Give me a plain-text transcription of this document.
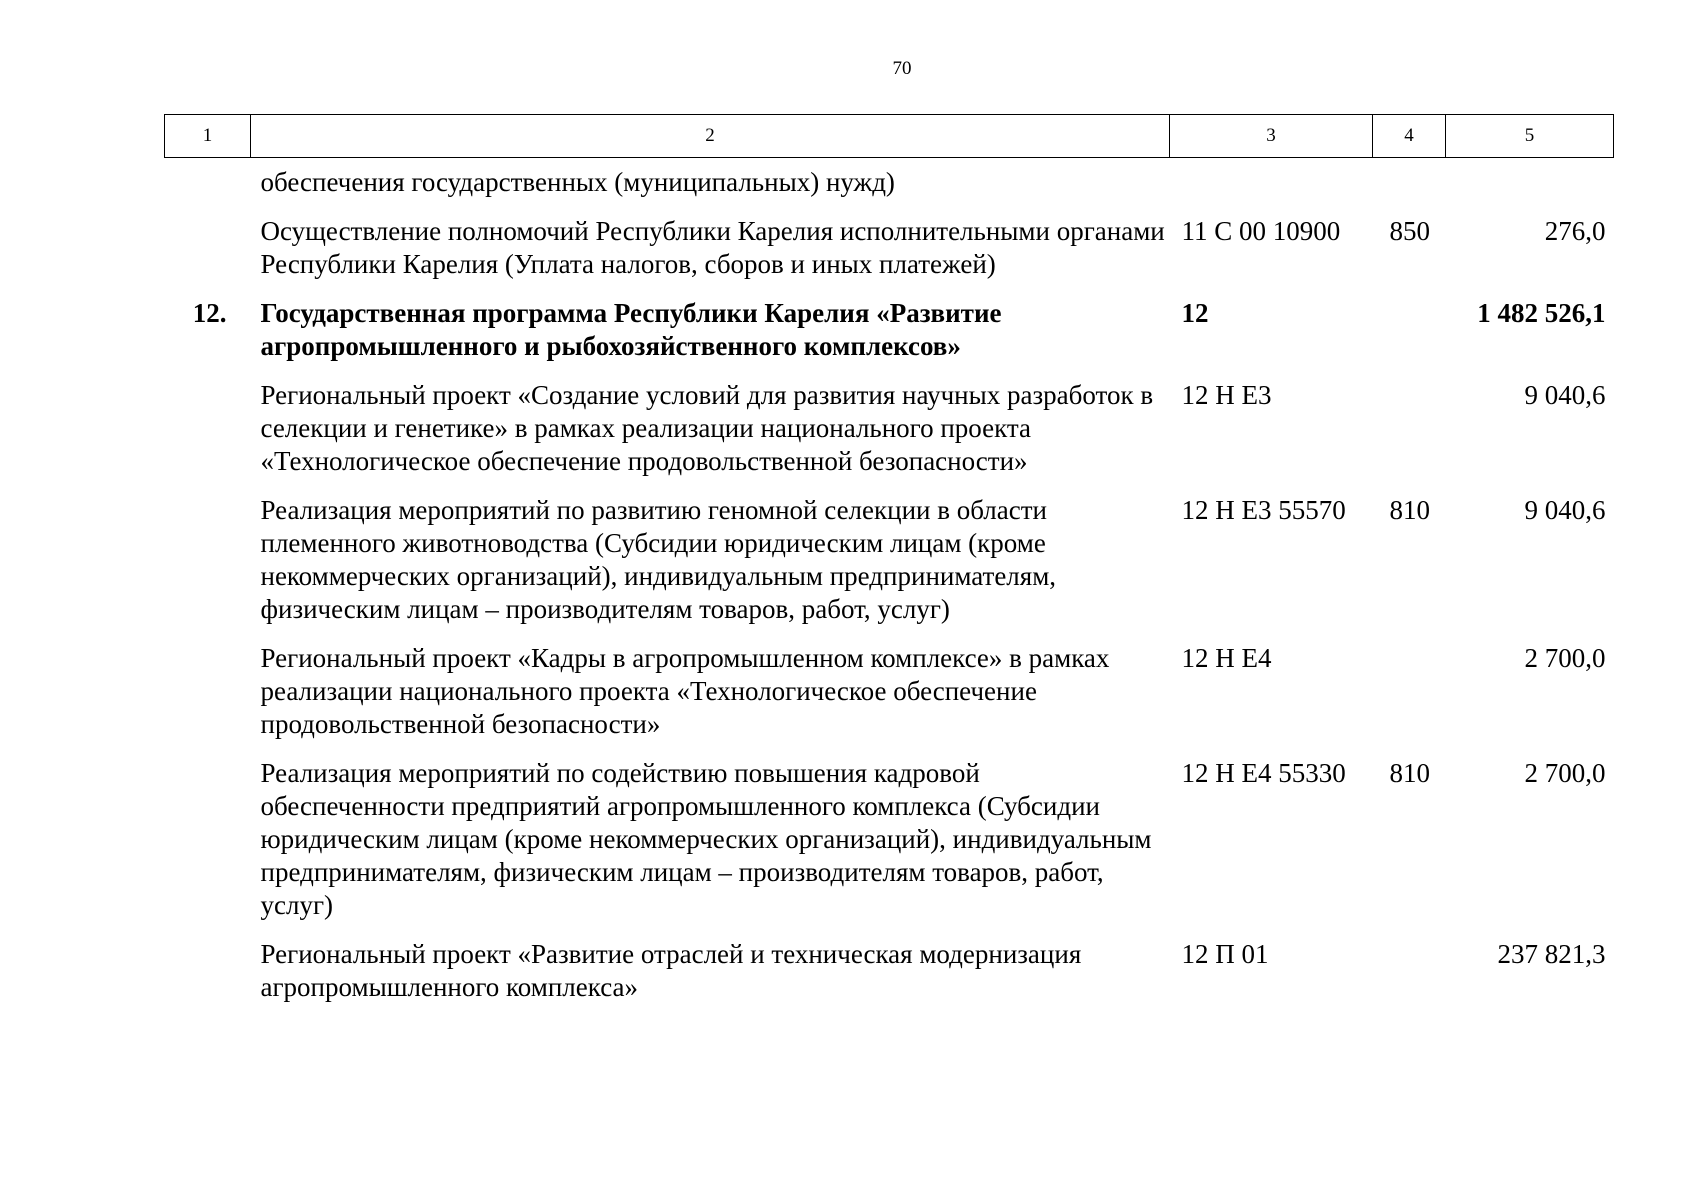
70
1	2	3	4	5
	обеспечения государственных (муниципальных) нужд)			
	Осуществление полномочий Республики Карелия исполнительными органами Республики Карелия (Уплата налогов, сборов и иных платежей)	11 С 00 10900	850	276,0
12.	Государственная программа Республики Карелия «Развитие агропромышленного и рыбохозяйственного комплексов»	12		1 482 526,1
	Региональный проект «Создание условий для развития научных разработок в селекции и генетике» в рамках реализации национального проекта «Технологическое обеспечение продовольственной безопасности»	12 Н Е3		9 040,6
	Реализация мероприятий по развитию геномной селекции в области племенного животноводства (Субсидии юридическим лицам (кроме некоммерческих организаций), индивидуальным предпринимателям, физическим лицам – производителям товаров, работ, услуг)	12 Н Е3 55570	810	9 040,6
	Региональный проект «Кадры в агропромышленном комплексе» в рамках реализации национального проекта «Технологическое обеспечение продовольственной безопасности»	12 Н Е4		2 700,0
	Реализация мероприятий по содействию повышения кадровой обеспеченности предприятий агропромышленного комплекса (Субсидии юридическим лицам (кроме некоммерческих организаций), индивидуальным предпринимателям, физическим лицам – производителям товаров, работ, услуг)	12 Н Е4 55330	810	2 700,0
	Региональный проект «Развитие отраслей и техническая модернизация агропромышленного комплекса»	12 П 01		237 821,3
